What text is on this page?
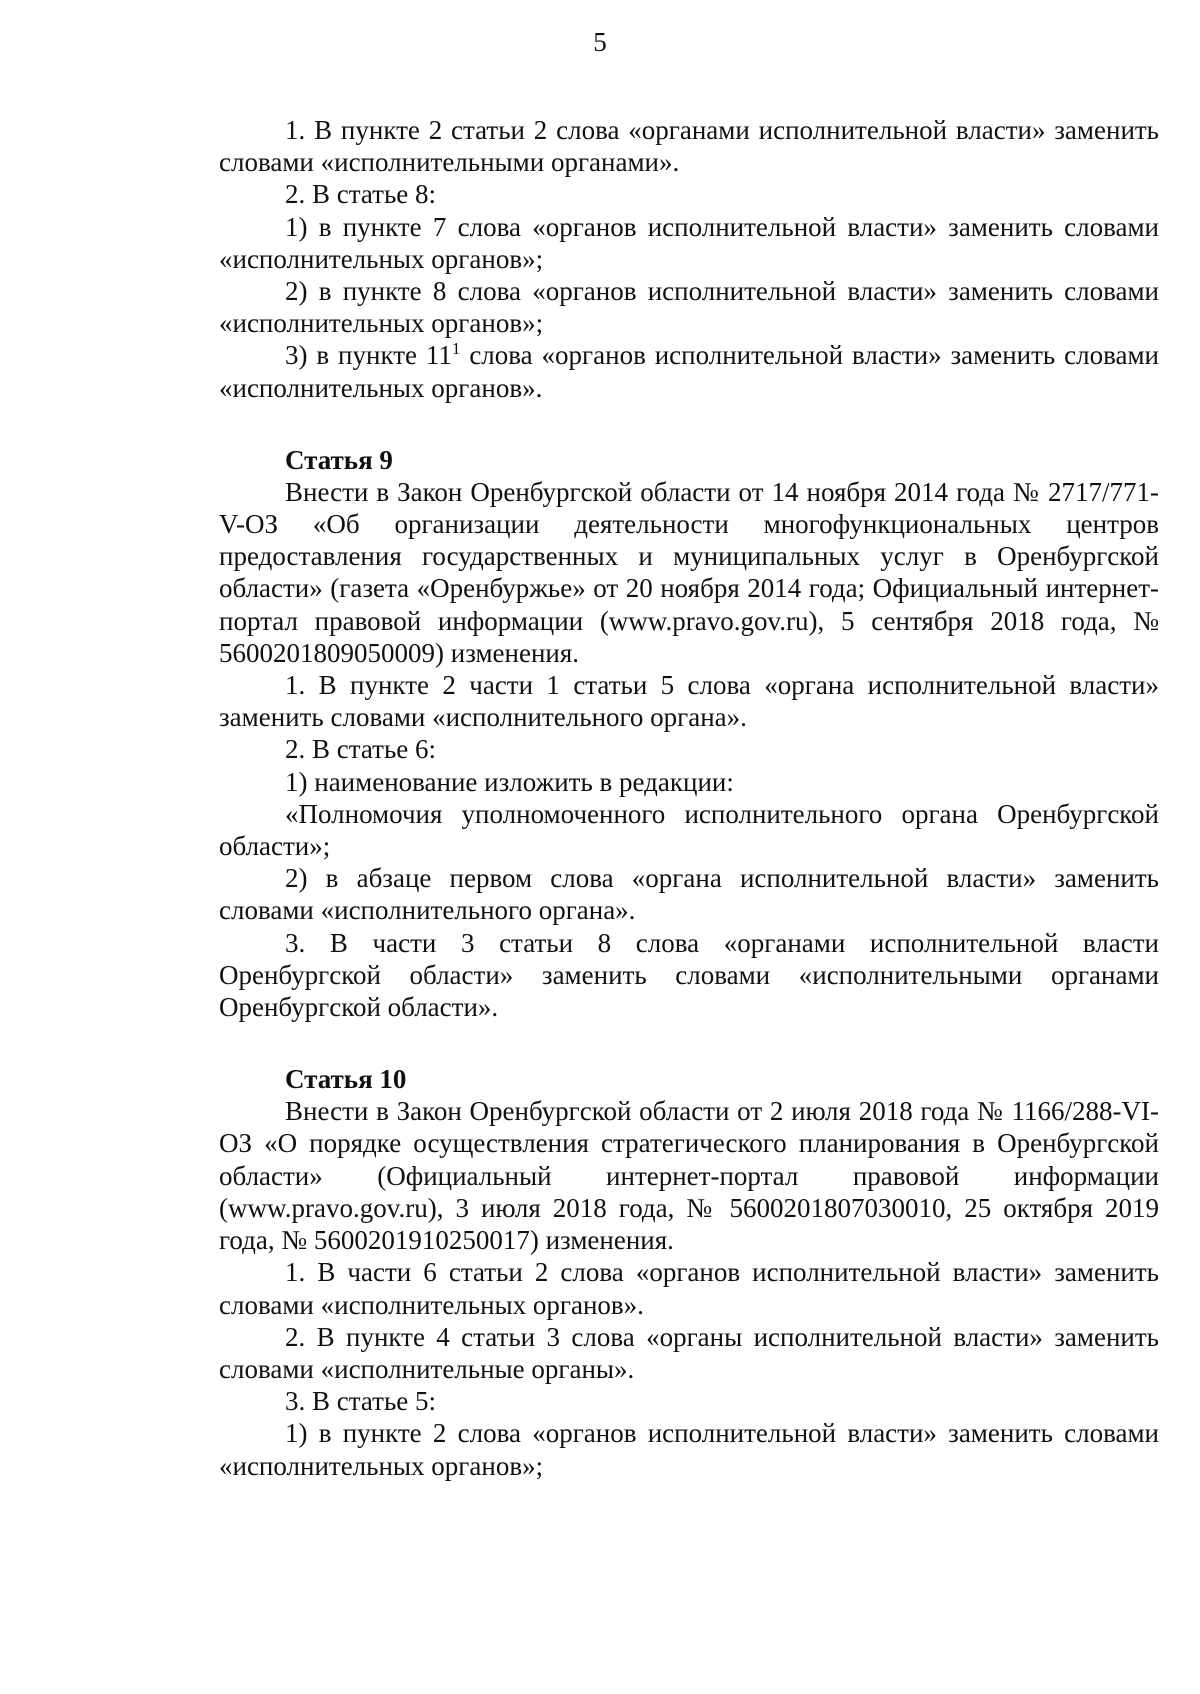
5

1. В пункте 2 статьи 2 слова «органами исполнительной власти» заменить словами «исполнительными органами».

2. В статье 8:

1) в пункте 7 слова «органов исполнительной власти» заменить словами «исполнительных органов»;

2) в пункте 8 слова «органов исполнительной власти» заменить словами «исполнительных органов»;

3) в пункте $11^1$ слова «органов исполнительной власти» заменить словами «исполнительных органов».

Статья 9

Внести в Закон Оренбургской области от 14 ноября 2014 года № 2717/771-V-ОЗ «Об организации деятельности многофункциональных центров предоставления государственных и муниципальных услуг в Оренбургской области» (газета «Оренбуржье» от 20 ноября 2014 года; Официальный интернет-портал правовой информации (www.pravo.gov.ru), 5 сентября 2018 года, № 5600201809050009) изменения.

1. В пункте 2 части 1 статьи 5 слова «органа исполнительной власти» заменить словами «исполнительного органа».

2. В статье 6:

1) наименование изложить в редакции:

«Полномочия уполномоченного исполнительного органа Оренбургской области»;

2) в абзаце первом слова «органа исполнительной власти» заменить словами «исполнительного органа».

3. В части 3 статьи 8 слова «органами исполнительной власти Оренбургской области» заменить словами «исполнительными органами Оренбургской области».

Статья 10

Внести в Закон Оренбургской области от 2 июля 2018 года № 1166/288-VI-ОЗ «О порядке осуществления стратегического планирования в Оренбургской области» (Официальный интернет-портал правовой информации (www.pravo.gov.ru), 3 июля 2018 года, № 5600201807030010, 25 октября 2019 года, № 5600201910250017) изменения.

1. В части 6 статьи 2 слова «органов исполнительной власти» заменить словами «исполнительных органов».

2. В пункте 4 статьи 3 слова «органы исполнительной власти» заменить словами «исполнительные органы».

3. В статье 5:

1) в пункте 2 слова «органов исполнительной власти» заменить словами «исполнительных органов»;
